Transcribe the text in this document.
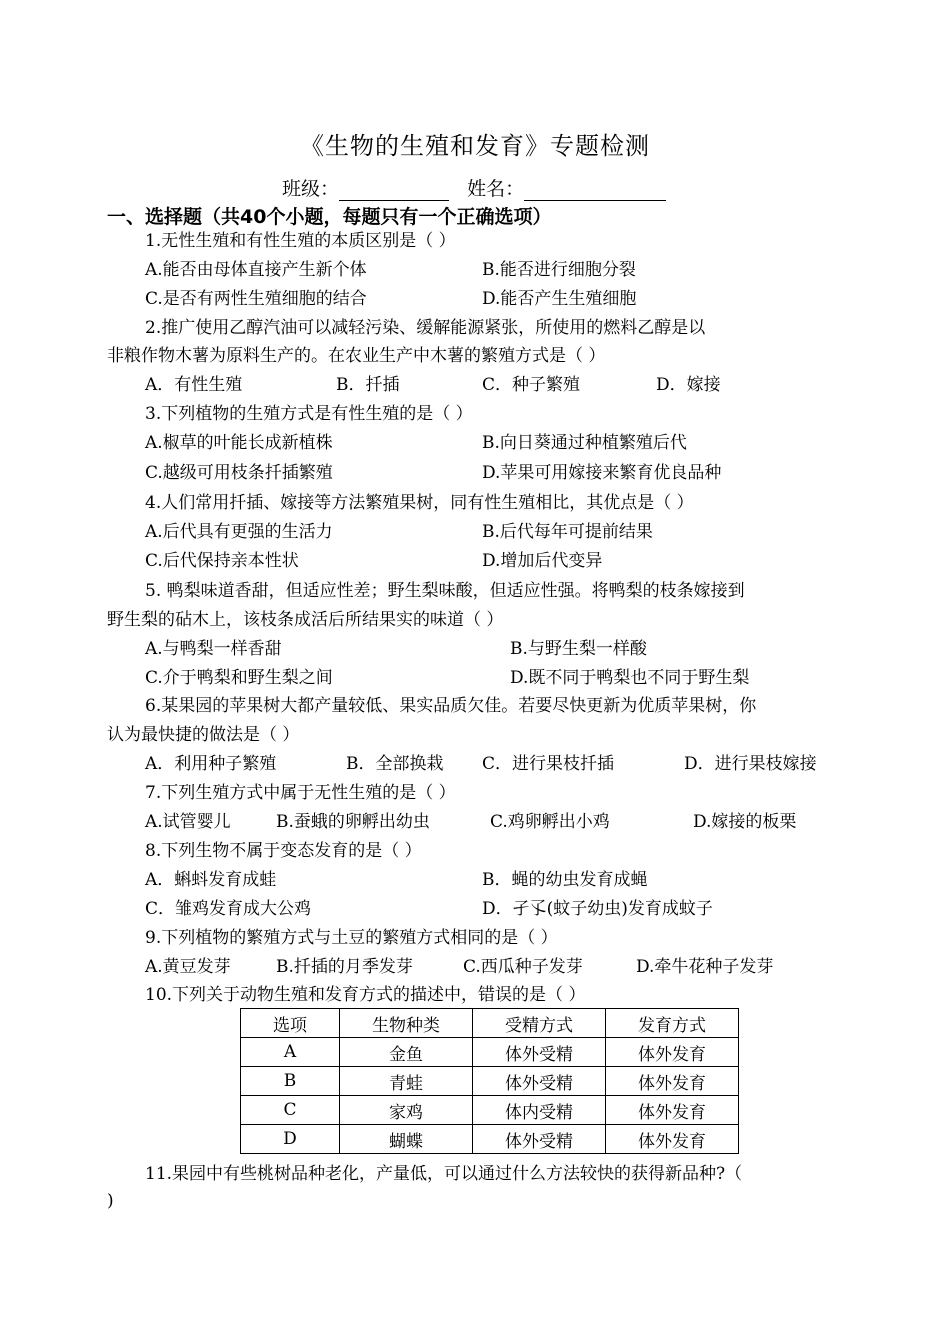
《生物的生殖和发育》专题检测
班级：	姓名：
一、选择题（共40个小题，每题只有一个正确选项）
1.无性生殖和有性生殖的本质区别是（ ）
A.能否由母体直接产生新个体	B.能否进行细胞分裂
C.是否有两性生殖细胞的结合	D.能否产生生殖细胞
2.推广使用乙醇汽油可以减轻污染、缓解能源紧张，所使用的燃料乙醇是以
非粮作物木薯为原料生产的。在农业生产中木薯的繁殖方式是（ ）
A．有性生殖	B．扦插	C．种子繁殖	D．嫁接
3.下列植物的生殖方式是有性生殖的是（ ）
A.椒草的叶能长成新植株	B.向日葵通过种植繁殖后代
C.越级可用枝条扦插繁殖	D.苹果可用嫁接来繁育优良品种
4.人们常用扦插、嫁接等方法繁殖果树，同有性生殖相比，其优点是（ ）
A.后代具有更强的生活力	B.后代每年可提前结果
C.后代保持亲本性状	D.增加后代变异
5. 鸭梨味道香甜，但适应性差；野生梨味酸，但适应性强。将鸭梨的枝条嫁接到
野生梨的砧木上，该枝条成活后所结果实的味道（ ）
A.与鸭梨一样香甜	B.与野生梨一样酸
C.介于鸭梨和野生梨之间	D.既不同于鸭梨也不同于野生梨
6.某果园的苹果树大都产量较低、果实品质欠佳。若要尽快更新为优质苹果树，你
认为最快捷的做法是（ ）
A．利用种子繁殖	B．全部换栽 C．进行果枝扦插	D．进行果枝嫁接
7.下列生殖方式中属于无性生殖的是（ ）
A.试管婴儿	B.蚕蛾的卵孵出幼虫	C.鸡卵孵出小鸡	D.嫁接的板栗
8.下列生物不属于变态发育的是（ ）
A．蝌蚪发育成蛙	B．蝇的幼虫发育成蝇
C．雏鸡发育成大公鸡	D．孑孓(蚊子幼虫)发育成蚊子
9.下列植物的繁殖方式与土豆的繁殖方式相同的是（ ）
A.黄豆发芽	B.扦插的月季发芽	C.西瓜种子发芽	D.牵牛花种子发芽
10.下列关于动物生殖和发育方式的描述中，错误的是（ ）
选项	生物种类	受精方式	发育方式
A	金鱼	体外受精	体外发育
B	青蛙	体外受精	体外发育
C	家鸡	体内受精	体外发育
D	蝴蝶	体外受精	体外发育
11.果园中有些桃树品种老化，产量低，可以通过什么方法较快的获得新品种?（
)
